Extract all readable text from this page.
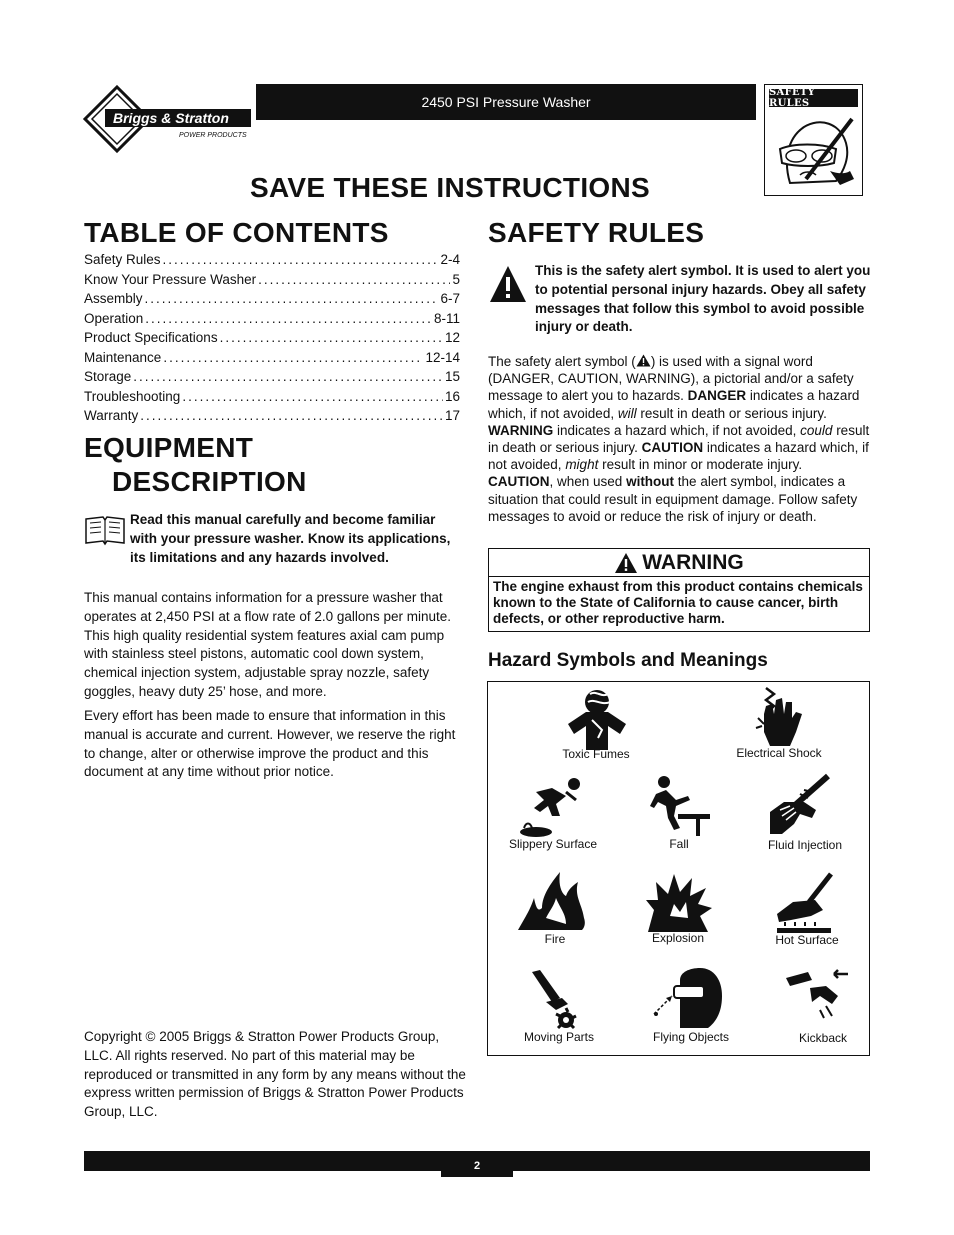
Briggs & Stratton
POWER PRODUCTS
2450 PSI Pressure Washer
SAFETY RULES
SAVE THESE INSTRUCTIONS
TABLE OF CONTENTS
Safety Rules .....	2-4
Know Your Pressure Washer .....	5
Assembly .....	6-7
Operation .....	8-11
Product Specifications .....	12
Maintenance .....	12-14
Storage .....	15
Troubleshooting .....	16
Warranty .....	17
EQUIPMENT
DESCRIPTION
Read this manual carefully and become familiar with your pressure washer. Know its applications, its limitations and any hazards involved.
This manual contains information for a pressure washer that operates at 2,450 PSI at a flow rate of 2.0 gallons per minute. This high quality residential system features axial cam pump with stainless steel pistons, automatic cool down system, chemical injection system, adjustable spray nozzle, safety goggles, heavy duty 25’ hose, and more.
Every effort has been made to ensure that information in this manual is accurate and current. However, we reserve the right to change, alter or otherwise improve the product and this document at any time without prior notice.
Copyright © 2005 Briggs & Stratton Power Products Group, LLC. All rights reserved. No part of this material may be reproduced or transmitted in any form by any means without the express written permission of Briggs & Stratton Power Products Group, LLC.
SAFETY RULES
This is the safety alert symbol. It is used to alert you to potential personal injury hazards. Obey all safety messages that follow this symbol to avoid possible injury or death.
The safety alert symbol ( ) is used with a signal word (DANGER, CAUTION, WARNING), a pictorial and/or a safety message to alert you to hazards. DANGER indicates a hazard which, if not avoided, will result in death or serious injury. WARNING indicates a hazard which, if not avoided, could result in death or serious injury. CAUTION indicates a hazard which, if not avoided, might result in minor or moderate injury. CAUTION, when used without the alert symbol, indicates a situation that could result in equipment damage. Follow safety messages to avoid or reduce the risk of injury or death.
WARNING
The engine exhaust from this product contains chemicals known to the State of California to cause cancer, birth defects, or other reproductive harm.
Hazard Symbols and Meanings
Toxic Fumes	Electrical Shock
Slippery Surface	Fall	Fluid Injection
Fire	Explosion	Hot Surface
Moving Parts	Flying Objects	Kickback
2
